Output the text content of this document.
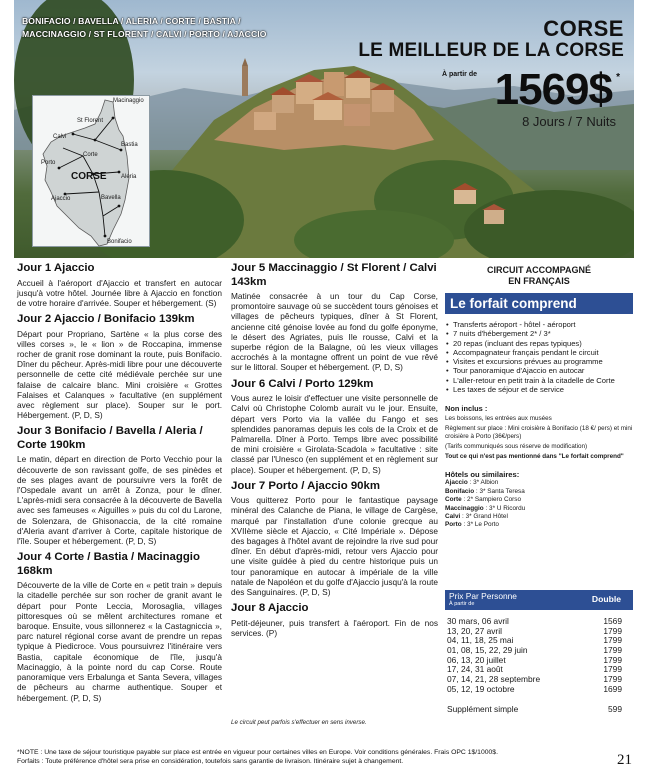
BONIFACIO / BAVELLA / ALERIA / CORTE / BASTIA /
MACCINAGGIO / ST FLORENT / CALVI / PORTO / AJACCIO	CORSE
LE MEILLEUR DE LA CORSE
À partir de 1569$ *
8 Jours / 7 Nuits
Macinaggio
St Florent
Calvi
Bastia
Corte
Porto
Aleria
Ajaccio	Bavella
Bonifacio
CORSE
Jour 1 Ajaccio

Accueil à l'aéroport d'Ajaccio et transfert en autocar jusqu'à votre hôtel. Journée libre à Ajaccio en fonction de votre horaire d'arrivée. Souper et hébergement. (S)

Jour 2 Ajaccio / Bonifacio 139km

Départ pour Propriano, Sartène « la plus corse des villes corses », le « lion » de Roccapina, immense rocher de granit rose dominant la route, puis Bonifacio. Dîner du pêcheur. Après-midi libre pour une découverte personnelle de cette cité médiévale perchée sur une falaise de calcaire blanc. Mini croisière « Grottes Falaises et Calanques » facultative (en supplément avec règlement sur place). Souper sur le port. Hébergement. (P, D, S)

Jour 3 Bonifacio / Bavella / Aleria / Corte 190km

Le matin, départ en direction de Porto Vecchio pour la découverte de son ravissant golfe, de ses pinèdes et de ses plages avant de poursuivre vers la forêt de l'Ospedale avant un arrêt à Zonza, pour le dîner. L'après-midi sera consacrée à la découverte de Bavella avec ses fameuses « Aiguilles » puis du col du Larone, de Solenzara, de Ghisonaccia, de la cité romaine d'Aleria avant d'arriver à Corte, capitale historique de l'île. Souper et hébergement. (P, D, S)

Jour 4 Corte / Bastia / Macinaggio 168km

Découverte de la ville de Corte en « petit train » depuis la citadelle perchée sur son rocher de granit avant le départ pour Ponte Leccia, Morosaglia, villages pittoresques où se mêlent architectures romane et baroque. Ensuite, vous sillonnerez « la Castagniccia », parc naturel régional corse avant de prendre un repas typique à Piedicroce. Vous poursuivrez l'itinéraire vers Bastia, capitale économique de l'île, jusqu'à Macinaggio, à la pointe nord du cap Corse. Route panoramique vers Erbalunga et Santa Severa, villages de pêcheurs au charme authentique. Souper et hébergement. (P, D, S)

Jour 5 Maccinaggio / St Florent / Calvi 143km

Matinée consacrée à un tour du Cap Corse, promontoire sauvage où se succèdent tours génoises et villages de pêcheurs typiques, dîner à St Florent, ancienne cité génoise lovée au fond du golfe éponyme, le désert des Agriates, puis Ile rousse, Calvi et la superbe région de la Balagne, où les vieux villages accrochés à la montagne offrent un point de vue rêvé sur le littoral. Souper et hébergement. (P, D, S)

Jour 6 Calvi / Porto 129km

Vous aurez le loisir d'effectuer une visite personnelle de Calvi où Christophe Colomb aurait vu le jour. Ensuite, départ vers Porto via la vallée du Fango et ses splendides panoramas depuis les cols de la Croix et de Palmarella. Dîner à Porto. Temps libre avec possibilité de mini croisière « Girolata-Scadola » facultative : site classé par l'Unesco (en supplément et en règlement sur place). Souper et hébergement. (P, D, S)

Jour 7 Porto / Ajaccio 90km

Vous quitterez Porto pour le fantastique paysage minéral des Calanche de Piana, le village de Cargèse, marqué par l'installation d'une colonie grecque au XVIIème siècle et Ajaccio, « Cité Impériale ». Dépose des bagages à l'hôtel avant de rejoindre la rive sud pour dîner. En début d'après-midi, retour vers Ajaccio pour une visite guidée à pied du centre historique puis un tour panoramique en autocar à impériale de la ville natale de Napoléon et du golfe d'Ajaccio jusqu'à la route des Sanguinaires. (P, D, S)

Jour 8 Ajaccio

Petit-déjeuner, puis transfert à l'aéroport. Fin de nos services. (P)

Le circuit peut parfois s'effectuer en sens inverse.
CIRCUIT ACCOMPAGNÉ
EN FRANÇAIS
Le forfait comprend
• Transferts aéroport - hôtel - aéroport
• 7 nuits d'hébergement 2* / 3*
• 20 repas (incluant des repas typiques)
• Accompagnateur français pendant le circuit
• Visites et excursions prévues au programme
• Tour panoramique d'Ajaccio en autocar
• L'aller-retour en petit train à la citadelle de Corte
• Les taxes de séjour et de service
Non inclus :
Les boissons, les entrées aux musées
Règlement sur place : Mini croisière à Bonifacio (18 €/ pers) et mini croisière à Porto (36€/pers)
(Tarifs communiqués sous réserve de modification)
Tout ce qui n'est pas mentionné dans "Le forfait comprend"
Hôtels ou similaires:
Ajaccio : 3* Albion
Bonifacio : 3* Santa Teresa
Corte : 2* Sampiero Corso
Maccinaggio : 3* U Ricordu
Calvi : 3* Grand Hôtel
Porto : 3* Le Porto
Prix Par Personne
À partir de	Double
30 mars, 06 avril	1569
13, 20, 27 avril	1799
04, 11, 18, 25 mai	1799
01, 08, 15, 22, 29 juin	1799
06, 13, 20 juillet	1799
17, 24, 31 août	1799
07, 14, 21, 28 septembre	1799
05, 12, 19 octobre	1699
Supplément simple	599
*NOTE : Une taxe de séjour touristique payable sur place est entrée en vigueur pour certaines villes en Europe. Voir conditions générales. Frais OPC 1$/1000$.
Forfaits : Toute préférence d'hôtel sera prise en considération, toutefois sans garantie de livraison. Itinéraire sujet à changement.	21
